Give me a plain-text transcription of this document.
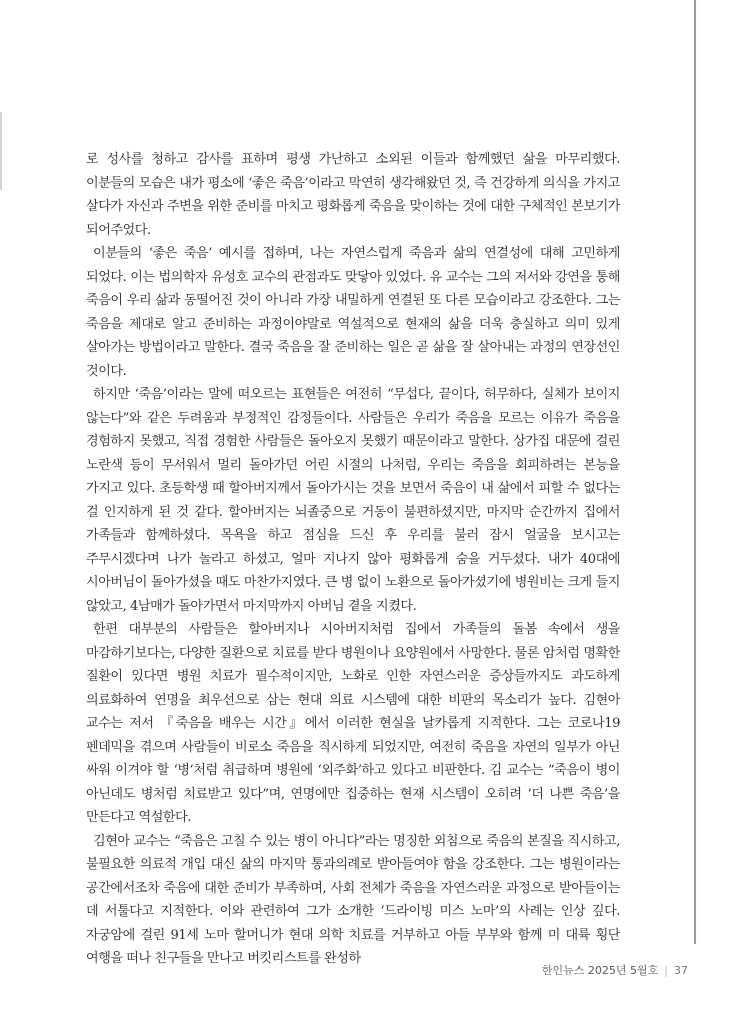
로 성사를 청하고 감사를 표하며 평생 가난하고 소외된 이들과 함께했던 삶을 마무리했다. 이분들의 모습은 내가 평소에 ‘좋은 죽음’이라고 막연히 생각해왔던 것, 즉 건강하게 의식을 가지고 살다가 자신과 주변을 위한 준비를 마치고 평화롭게 죽음을 맞이하는 것에 대한 구체적인 본보기가 되어주었다.

이분들의 ‘좋은 죽음’ 예시를 접하며, 나는 자연스럽게 죽음과 삶의 연결성에 대해 고민하게 되었다. 이는 법의학자 유성호 교수의 관점과도 맞닿아 있었다. 유 교수는 그의 저서와 강연을 통해 죽음이 우리 삶과 동떨어진 것이 아니라 가장 내밀하게 연결된 또 다른 모습이라고 강조한다. 그는 죽음을 제대로 알고 준비하는 과정이야말로 역설적으로 현재의 삶을 더욱 충실하고 의미 있게 살아가는 방법이라고 말한다. 결국 죽음을 잘 준비하는 일은 곧 삶을 잘 살아내는 과정의 연장선인 것이다.

하지만 ‘죽음’이라는 말에 떠오르는 표현들은 여전히 “무섭다, 끝이다, 허무하다, 실체가 보이지 않는다”와 같은 두려움과 부정적인 감정들이다. 사람들은 우리가 죽음을 모르는 이유가 죽음을 경험하지 못했고, 직접 경험한 사람들은 돌아오지 못했기 때문이라고 말한다. 상가집 대문에 걸린 노란색 등이 무서워서 멀리 돌아가던 어린 시절의 나처럼, 우리는 죽음을 회피하려는 본능을 가지고 있다. 초등학생 때 할아버지께서 돌아가시는 것을 보면서 죽음이 내 삶에서 피할 수 없다는 걸 인지하게 된 것 같다. 할아버지는 뇌졸중으로 거동이 불편하셨지만, 마지막 순간까지 집에서 가족들과 함께하셨다. 목욕을 하고 점심을 드신 후 우리를 불러 잠시 얼굴을 보시고는 주무시겠다며 나가 놀라고 하셨고, 얼마 지나지 않아 평화롭게 숨을 거두셨다. 내가 40대에 시아버님이 돌아가셨을 때도 마찬가지였다. 큰 병 없이 노환으로 돌아가셨기에 병원비는 크게 들지 않았고, 4남매가 돌아가면서 마지막까지 아버님 곁을 지켰다.

한편 대부분의 사람들은 할아버지나 시아버지처럼 집에서 가족들의 돌봄 속에서 생을 마감하기보다는, 다양한 질환으로 치료를 받다 병원이나 요양원에서 사망한다. 물론 암처럼 명확한 질환이 있다면 병원 치료가 필수적이지만, 노화로 인한 자연스러운 증상들까지도 과도하게 의료화하여 연명을 최우선으로 삼는 현대 의료 시스템에 대한 비판의 목소리가 높다. 김현아 교수는 저서 『죽음을 배우는 시간』에서 이러한 현실을 날카롭게 지적한다. 그는 코로나19 펜데믹을 겪으며 사람들이 비로소 죽음을 직시하게 되었지만, 여전히 죽음을 자연의 일부가 아닌 싸워 이겨야 할 ‘병’처럼 취급하며 병원에 ‘외주화’하고 있다고 비판한다. 김 교수는 “죽음이 병이 아닌데도 병처럼 치료받고 있다”며, 연명에만 집중하는 현재 시스템이 오히려 ‘더 나쁜 죽음’을 만든다고 역설한다.

김현아 교수는 “죽음은 고칠 수 있는 병이 아니다”라는 명징한 외침으로 죽음의 본질을 직시하고, 불필요한 의료적 개입 대신 삶의 마지막 통과의례로 받아들여야 함을 강조한다. 그는 병원이라는 공간에서조차 죽음에 대한 준비가 부족하며, 사회 전체가 죽음을 자연스러운 과정으로 받아들이는 데 서툴다고 지적한다. 이와 관련하여 그가 소개한 ‘드라이빙 미스 노마’의 사례는 인상 깊다. 자궁암에 걸린 91세 노마 할머니가 현대 의학 치료를 거부하고 아들 부부와 함께 미 대륙 횡단 여행을 떠나 친구들을 만나고 버킷리스트를 완성하

한인뉴스 2025년 5월호 | 37
